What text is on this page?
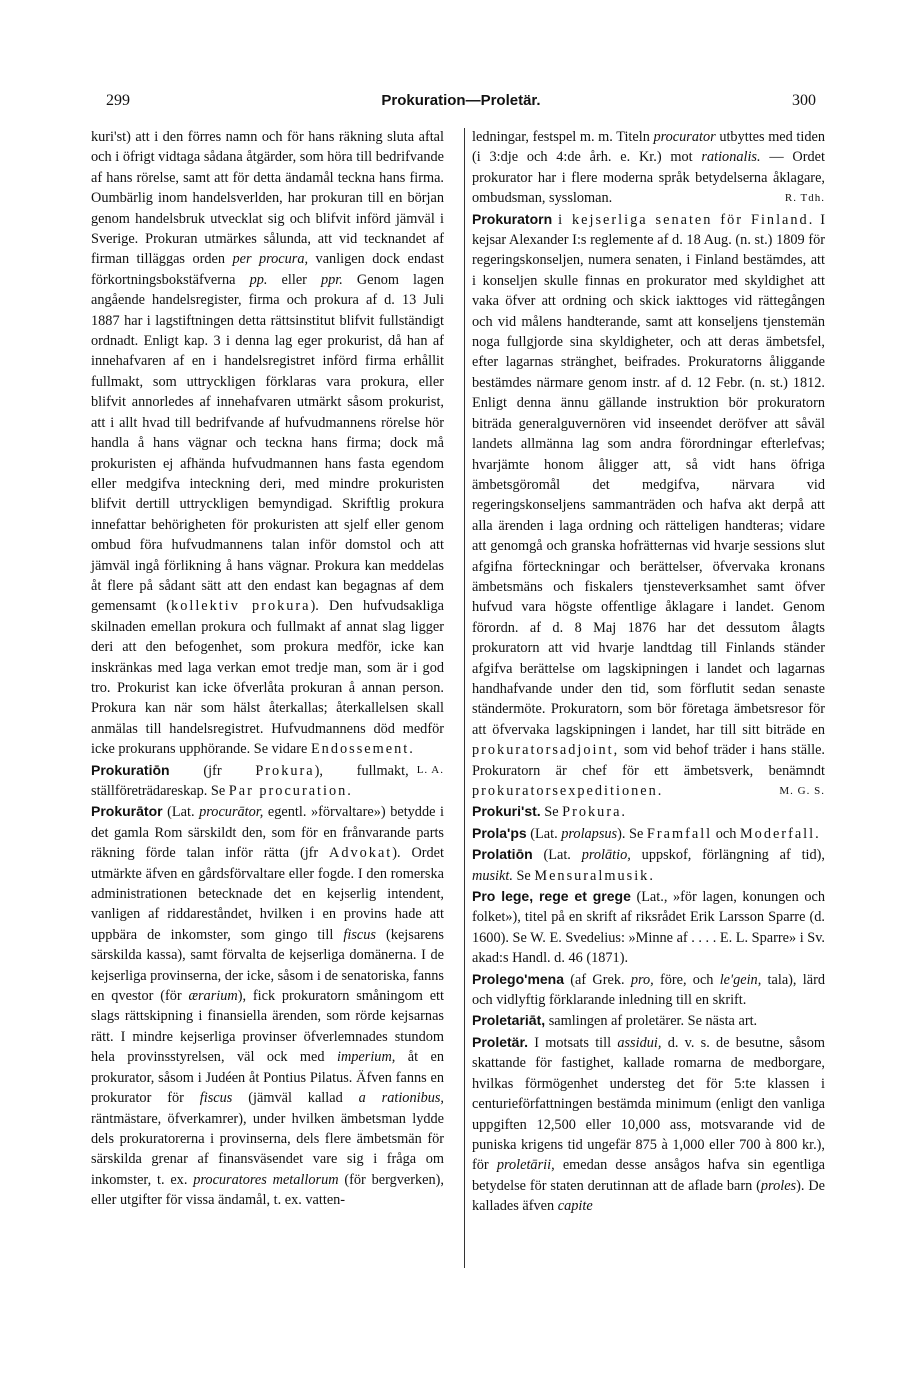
299	Prokuration—Proletär.	300

kuri'st) att i den förres namn och för hans räkning sluta aftal och i öfrigt vidtaga sådana åtgärder, som höra till bedrifvande af hans rörelse, samt att för detta ändamål teckna hans firma. Oumbärlig inom handelsverlden, har prokuran till en början genom handelsbruk utvecklat sig och blifvit införd jämväl i Sverige. Prokuran utmärkes sålunda, att vid tecknandet af firman tilläggas orden per procura, vanligen dock endast förkortningsbokstäfverna pp. eller ppr. Genom lagen angående handelsregister, firma och prokura af d. 13 Juli 1887 har i lagstiftningen detta rättsinstitut blifvit fullständigt ordnadt. Enligt kap. 3 i denna lag eger prokurist, då han af innehafvaren af en i handelsregistret införd firma erhållit fullmakt, som uttryckligen förklaras vara prokura, eller blifvit annorledes af innehafvaren utmärkt såsom prokurist, att i allt hvad till bedrifvande af hufvudmannens rörelse hör handla å hans vägnar och teckna hans firma; dock må prokuristen ej afhända hufvudmannen hans fasta egendom eller medgifva inteckning deri, med mindre prokuristen blifvit dertill uttryckligen bemyndigad. Skriftlig prokura innefattar behörigheten för prokuristen att sjelf eller genom ombud föra hufvudmannens talan inför domstol och att jämväl ingå förlikning å hans vägnar. Prokura kan meddelas åt flere på sådant sätt att den endast kan begagnas af dem gemensamt (kollektiv prokura). Den hufvudsakliga skilnaden emellan prokura och fullmakt af annat slag ligger deri att den befogenhet, som prokura medför, icke kan inskränkas med laga verkan emot tredje man, som är i god tro. Prokurist kan icke öfverlåta prokuran å annan person. Prokura kan när som hälst återkallas; återkallelsen skall anmälas till handelsregistret. Hufvudmannens död medför icke prokurans upphörande. Se vidare Endossement.
L. A.

Prokuratiōn (jfr Prokura), fullmakt, ställföreträdareskap. Se Par procuration.

Prokurātor (Lat. procurātor, egentl. »förvaltare») betydde i det gamla Rom särskildt den, som för en frånvarande parts räkning förde talan inför rätta (jfr Advokat). Ordet utmärkte äfven en gårdsförvaltare eller fogde. I den romerska administrationen betecknade det en kejserlig intendent, vanligen af riddareståndet, hvilken i en provins hade att uppbära de inkomster, som gingo till fiscus (kejsarens särskilda kassa), samt förvalta de kejserliga domänerna. I de kejserliga provinserna, der icke, såsom i de senatoriska, fanns en qvestor (för ærarium), fick prokuratorn småningom ett slags rättskipning i finansiella ärenden, som rörde kejsarnas rätt. I mindre kejserliga provinser öfverlemnades stundom hela provinsstyrelsen, väl ock med imperium, åt en prokurator, såsom i Judéen åt Pontius Pilatus. Äfven fanns en prokurator för fiscus (jämväl kallad a rationibus, räntmästare, öfverkamrer), under hvilken ämbetsman lydde dels prokuratorerna i provinserna, dels flere ämbetsmän för särskilda grenar af finansväsendet vare sig i fråga om inkomster, t. ex. procuratores metallorum (för bergverken), eller utgifter för vissa ändamål, t. ex. vatten-

ledningar, festspel m. m. Titeln procurator utbyttes med tiden (i 3:dje och 4:de årh. e. Kr.) mot rationalis. — Ordet prokurator har i flere moderna språk betydelserna åklagare, ombudsman, syssloman.	R. Tdh.

Prokuratorn i kejserliga senaten för Finland. I kejsar Alexander I:s reglemente af d. 18 Aug. (n. st.) 1809 för regeringskonseljen, numera senaten, i Finland bestämdes, att i konseljen skulle finnas en prokurator med skyldighet att vaka öfver att ordning och skick iakttoges vid rättegången och vid målens handterande, samt att konseljens tjenstemän noga fullgjorde sina skyldigheter, och att deras ämbetsfel, efter lagarnas stränghet, beifrades. Prokuratorns åliggande bestämdes närmare genom instr. af d. 12 Febr. (n. st.) 1812. Enligt denna ännu gällande instruktion bör prokuratorn biträda generalguvernören vid inseendet deröfver att såväl landets allmänna lag som andra förordningar efterlefvas; hvarjämte honom åligger att, så vidt hans öfriga ämbetsgöromål det medgifva, närvara vid regeringskonseljens sammanträden och hafva akt derpå att alla ärenden i laga ordning och rätteligen handteras; vidare att genomgå och granska hofrätternas vid hvarje sessions slut afgifna förteckningar och berättelser, öfvervaka kronans ämbetsmäns och fiskalers tjensteverksamhet samt öfver hufvud vara högste offentlige åklagare i landet. Genom förordn. af d. 8 Maj 1876 har det dessutom ålagts prokuratorn att vid hvarje landtdag till Finlands ständer afgifva berättelse om lagskipningen i landet och lagarnas handhafvande under den tid, som förflutit sedan senaste ständermöte. Prokuratorn, som bör företaga ämbetsresor för att öfvervaka lagskipningen i landet, har till sitt biträde en prokuratorsadjoint, som vid behof träder i hans ställe. Prokuratorn är chef för ett ämbetsverk, benämndt prokuratorsexpeditionen.	M. G. S.

Prokuri'st. Se Prokura.

Prola'ps (Lat. prolapsus). Se Framfall och Moderfall.

Prolatiōn (Lat. prolātio, uppskof, förlängning af tid), musikt. Se Mensuralmusik.

Pro lege, rege et grege (Lat., »för lagen, konungen och folket»), titel på en skrift af riksrådet Erik Larsson Sparre (d. 1600). Se W. E. Svedelius: »Minne af . . . . E. L. Sparre» i Sv. akad:s Handl. d. 46 (1871).

Prolego'mena (af Grek. pro, före, och le'gein, tala), lärd och vidlyftig förklarande inledning till en skrift.

Proletariāt, samlingen af proletärer. Se nästa art.

Proletär. I motsats till assidui, d. v. s. de besutne, såsom skattande för fastighet, kallade romarna de medborgare, hvilkas förmögenhet understeg det för 5:te klassen i centurieförfattningen bestämda minimum (enligt den vanliga uppgiften 12,500 eller 10,000 ass, motsvarande vid de puniska krigens tid ungefär 875 à 1,000 eller 700 à 800 kr.), för proletārii, emedan desse ansågos hafva sin egentliga betydelse för staten derutinnan att de aflade barn (proles). De kallades äfven capite
